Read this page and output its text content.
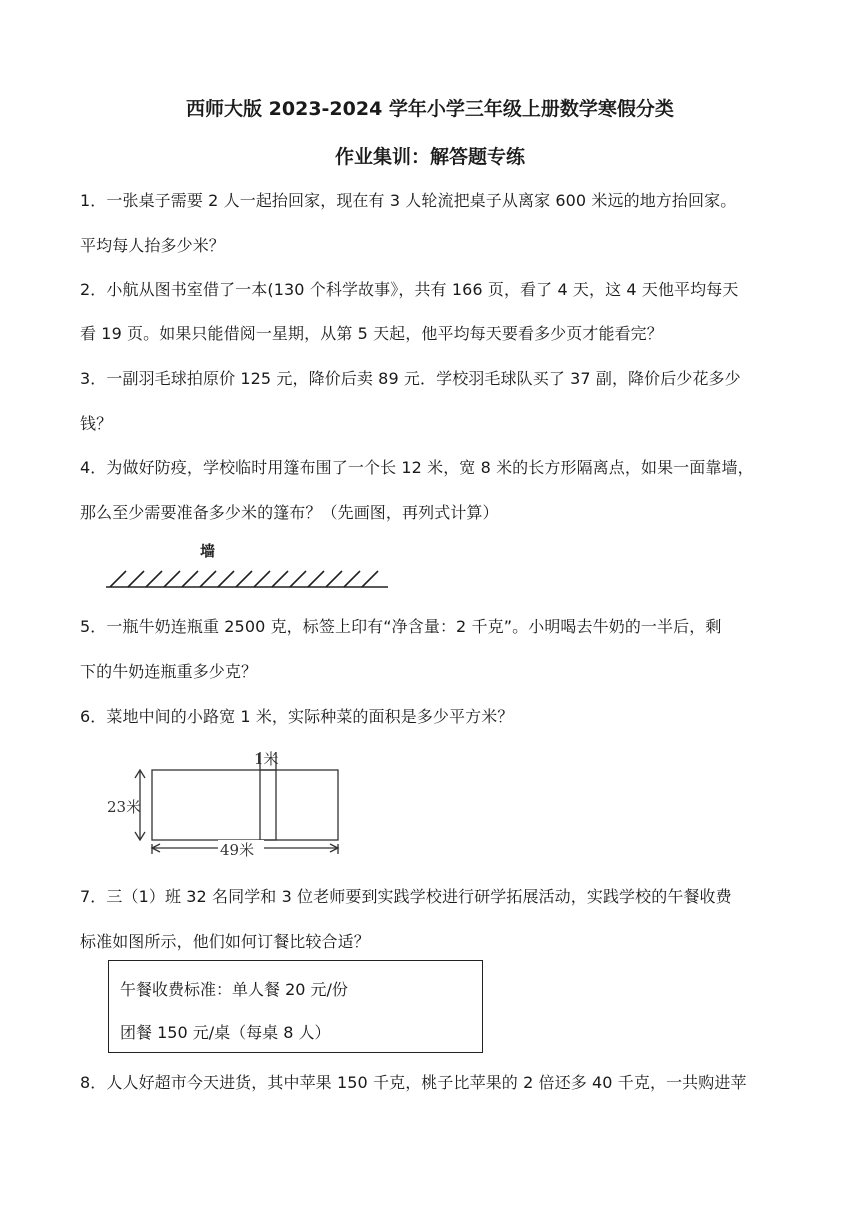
西师大版 2023-2024 学年小学三年级上册数学寒假分类
作业集训：解答题专练
1．一张桌子需要 2 人一起抬回家，现在有 3 人轮流把桌子从离家 600 米远的地方抬回家。
平均每人抬多少米？
2．小航从图书室借了一本(130 个科学故事》，共有 166 页，看了 4 天，这 4 天他平均每天
看 19 页。如果只能借阅一星期，从第 5 天起，他平均每天要看多少页才能看完？
3．一副羽毛球拍原价 125 元，降价后卖 89 元．学校羽毛球队买了 37 副，降价后少花多少
钱？
4．为做好防疫，学校临时用篷布围了一个长 12 米，宽 8 米的长方形隔离点，如果一面靠墙，
那么至少需要准备多少米的篷布？（先画图，再列式计算）
墙
5．一瓶牛奶连瓶重 2500 克，标签上印有“净含量：2 千克”。小明喝去牛奶的一半后，剩
下的牛奶连瓶重多少克？
6．菜地中间的小路宽 1 米，实际种菜的面积是多少平方米？
1米
23米
49米
7．三（1）班 32 名同学和 3 位老师要到实践学校进行研学拓展活动，实践学校的午餐收费
标准如图所示，他们如何订餐比较合适？
午餐收费标准：单人餐 20 元/份
团餐 150 元/桌（每桌 8 人）
8．人人好超市今天进货，其中苹果 150 千克，桃子比苹果的 2 倍还多 40 千克，一共购进苹
